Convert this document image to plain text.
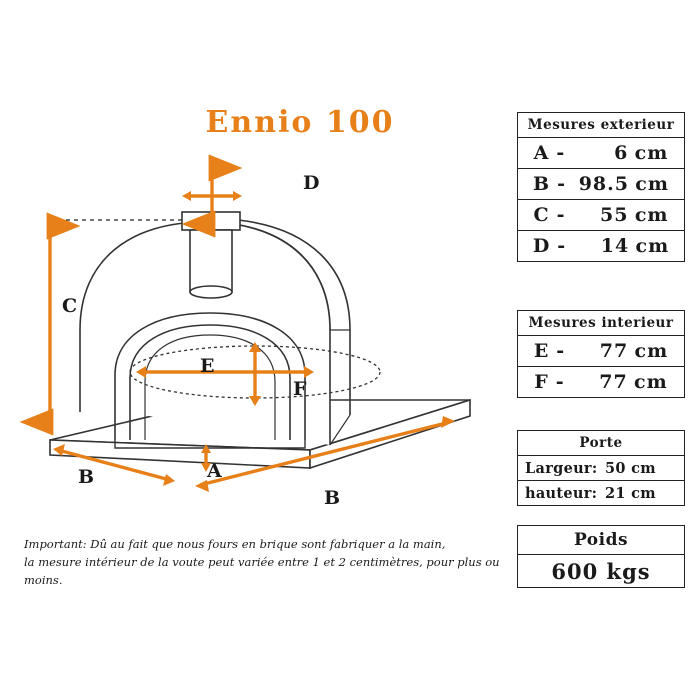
Ennio 100
C
D
E
F
B
B
A
Important: Dû au fait que nous fours en brique sont fabriquer a la main,
la mesure intérieur de la voute peut variée entre 1 et 2 centimètres, pour plus ou moins.
Mesures exterieur
A -	6 cm
B - 98.5 cm
C -	55 cm
D -	14 cm
Mesures interieur
E -	77 cm
F -	77 cm
Porte
Largeur: 50 cm
hauteur: 21 cm
Poids
600 kgs
